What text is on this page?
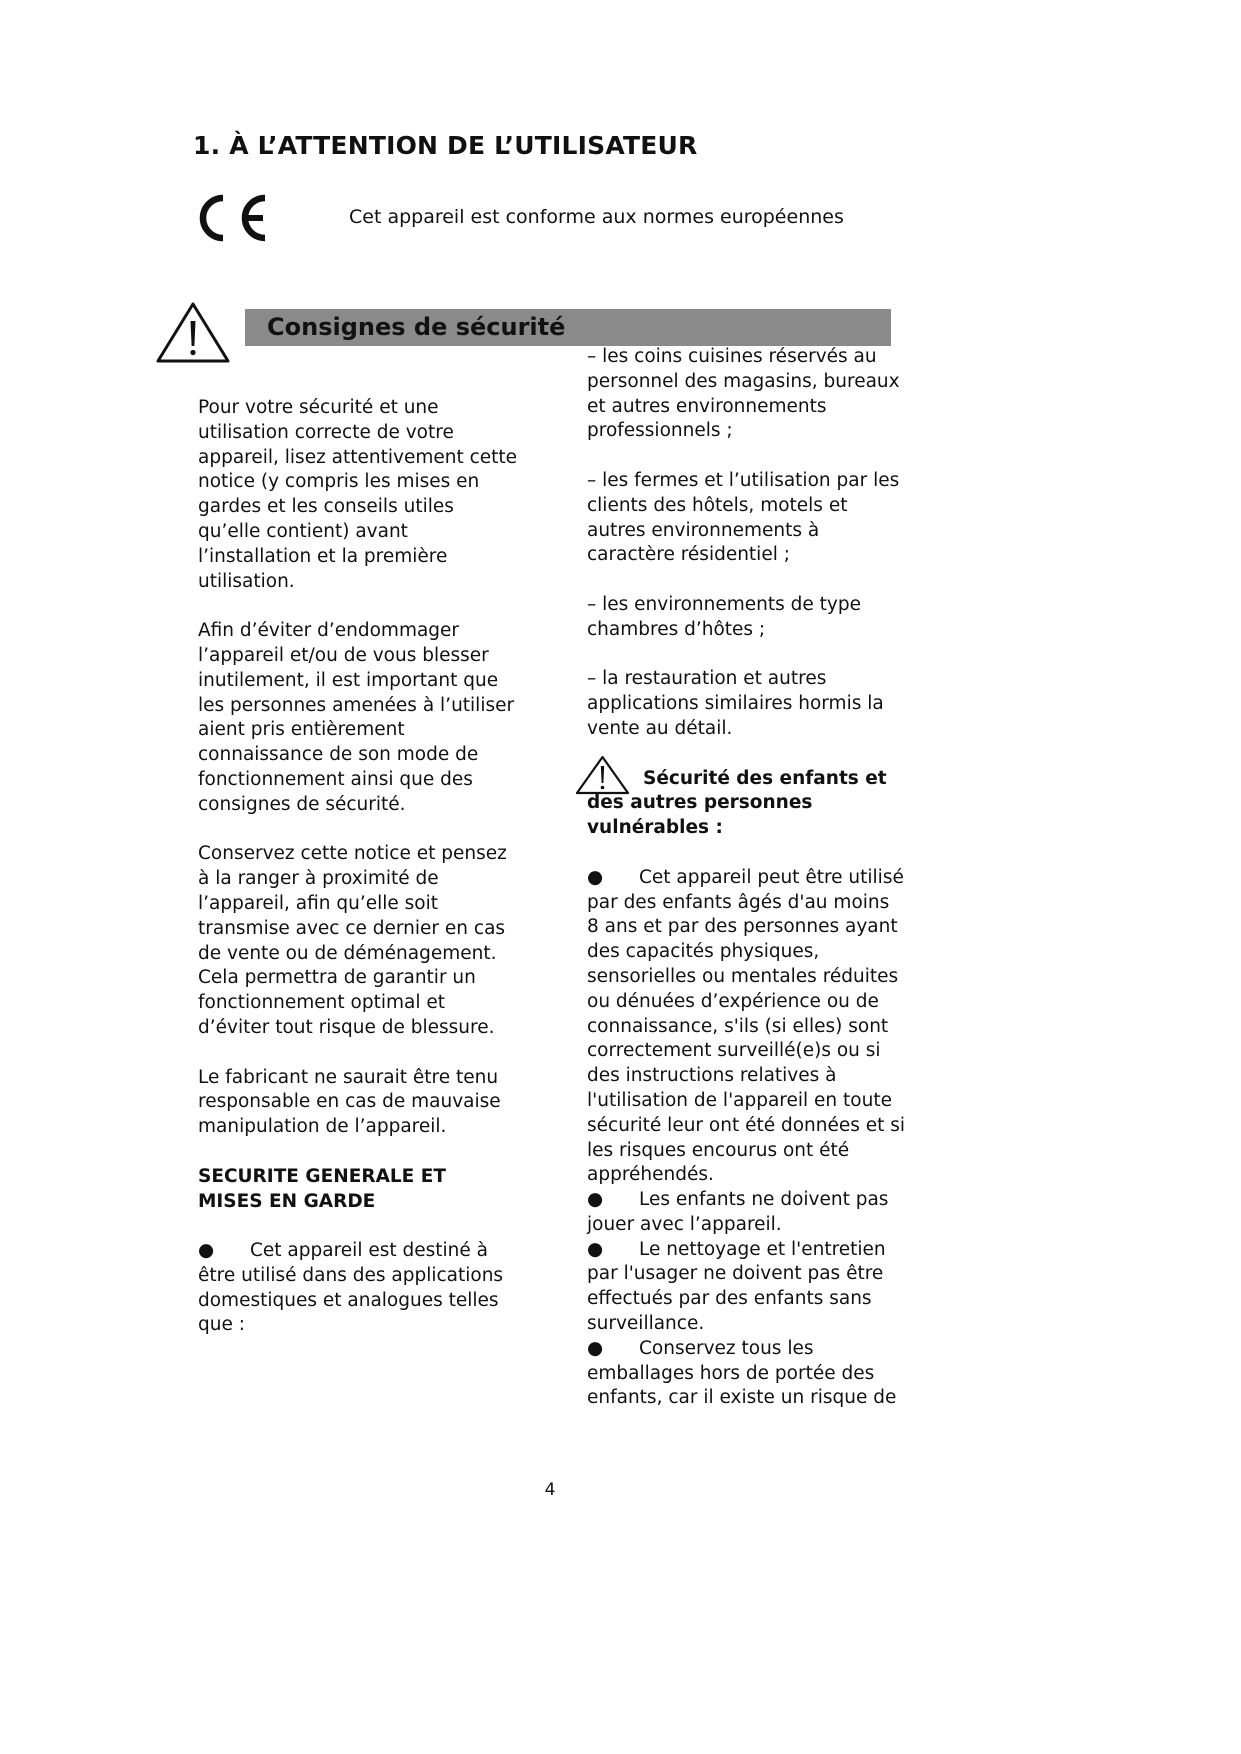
1. À L’ATTENTION DE L’UTILISATEUR
Cet appareil est conforme aux normes européennes
Consignes de sécurité

Pour votre sécurité et une
utilisation correcte de votre
appareil, lisez attentivement cette
notice (y compris les mises en
gardes et les conseils utiles
qu’elle contient) avant
l’installation et la première
utilisation.

Afin d’éviter d’endommager
l’appareil et/ou de vous blesser
inutilement, il est important que
les personnes amenées à l’utiliser
aient pris entièrement
connaissance de son mode de
fonctionnement ainsi que des
consignes de sécurité.

Conservez cette notice et pensez
à la ranger à proximité de
l’appareil, afin qu’elle soit
transmise avec ce dernier en cas
de vente ou de déménagement.
Cela permettra de garantir un
fonctionnement optimal et
d’éviter tout risque de blessure.

Le fabricant ne saurait être tenu
responsable en cas de mauvaise
manipulation de l’appareil.

SECURITE GENERALE ET
MISES EN GARDE

● Cet appareil est destiné à

être utilisé dans des applications
domestiques et analogues telles
que :

– les coins cuisines réservés au
personnel des magasins, bureaux
et autres environnements
professionnels ;

– les fermes et l’utilisation par les
clients des hôtels, motels et
autres environnements à
caractère résidentiel ;

– les environnements de type
chambres d’hôtes ;

– la restauration et autres
applications similaires hormis la
vente au détail.

Sécurité des enfants et

des autres personnes
vulnérables :

● Cet appareil peut être utilisé

par des enfants âgés d'au moins
8 ans et par des personnes ayant
des capacités physiques,
sensorielles ou mentales réduites
ou dénuées d’expérience ou de
connaissance, s'ils (si elles) sont
correctement surveillé(e)s ou si
des instructions relatives à
l'utilisation de l'appareil en toute
sécurité leur ont été données et si
les risques encourus ont été
appréhendés.

● Les enfants ne doivent pas

jouer avec l’appareil.

● Le nettoyage et l'entretien

par l'usager ne doivent pas être
effectués par des enfants sans
surveillance.

● Conservez tous les

emballages hors de portée des
enfants, car il existe un risque de

4
